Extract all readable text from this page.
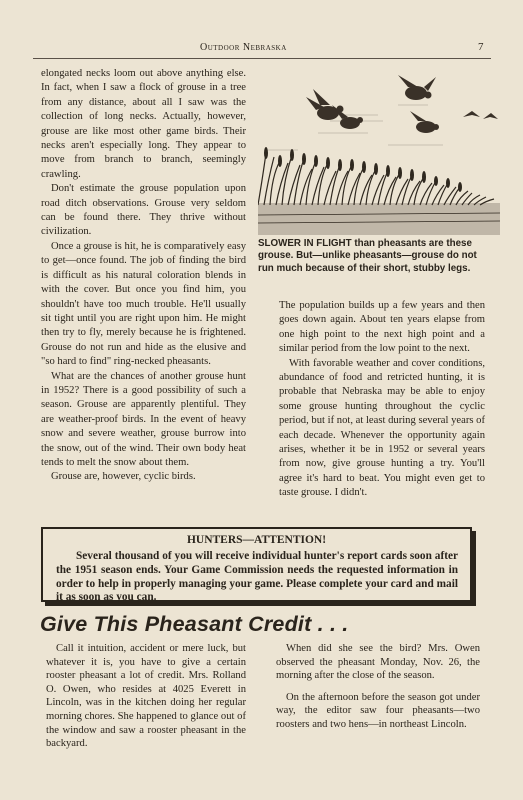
Outdoor Nebraska	7

elongated necks loom out above anything else. In fact, when I saw a flock of grouse in a tree from any distance, about all I saw was the collection of long necks. Actually, however, grouse are like most other game birds. Their necks aren't especially long. They appear to move from branch to branch, seemingly crawling.

Don't estimate the grouse population upon road ditch observations. Grouse very seldom can be found there. They thrive without civilization.

Once a grouse is hit, he is comparatively easy to get—once found. The job of finding the bird is difficult as his natural coloration blends in with the cover. But once you find him, you shouldn't have too much trouble. He'll usually sit tight until you are right upon him. He might then try to fly, merely because he is frightened. Grouse do not run and hide as the elusive and "so hard to find" ring-necked pheasants.

What are the chances of another grouse hunt in 1952? There is a good possibility of such a season. Grouse are apparently plentiful. They are weather-proof birds. In the event of heavy snow and severe weather, grouse burrow into the snow, out of the wind. Their own body heat tends to melt the snow about them.

Grouse are, however, cyclic birds.

SLOWER IN FLIGHT than pheasants are these grouse. But—unlike pheasants—grouse do not run much because of their short, stubby legs.

The population builds up a few years and then goes down again. About ten years elapse from one high point to the next high point and a similar period from the low point to the next.

With favorable weather and cover conditions, abundance of food and retricted hunting, it is probable that Nebraska may be able to enjoy some grouse hunting throughout the cyclic period, but if not, at least during several years of each decade. Whenever the opportunity again arises, whether it be in 1952 or several years from now, give grouse hunting a try. You'll agree it's hard to beat. You might even get to taste grouse. I didn't.

HUNTERS—ATTENTION!
Several thousand of you will receive individual hunter's report cards soon after the 1951 season ends. Your Game Commission needs the requested information in order to help in properly managing your game. Please complete your card and mail it as soon as you can.
Give This Pheasant Credit . . .

Call it intuition, accident or mere luck, but whatever it is, you have to give a certain rooster pheasant a lot of credit. Mrs. Rolland O. Owen, who resides at 4025 Everett in Lincoln, was in the kitchen doing her regular morning chores. She happened to glance out of the window and saw a rooster pheasant in the backyard.

When did she see the bird? Mrs. Owen observed the pheasant Monday, Nov. 26, the morning after the close of the season.

On the afternoon before the season got under way, the editor saw four pheasants—two roosters and two hens—in northeast Lincoln.
